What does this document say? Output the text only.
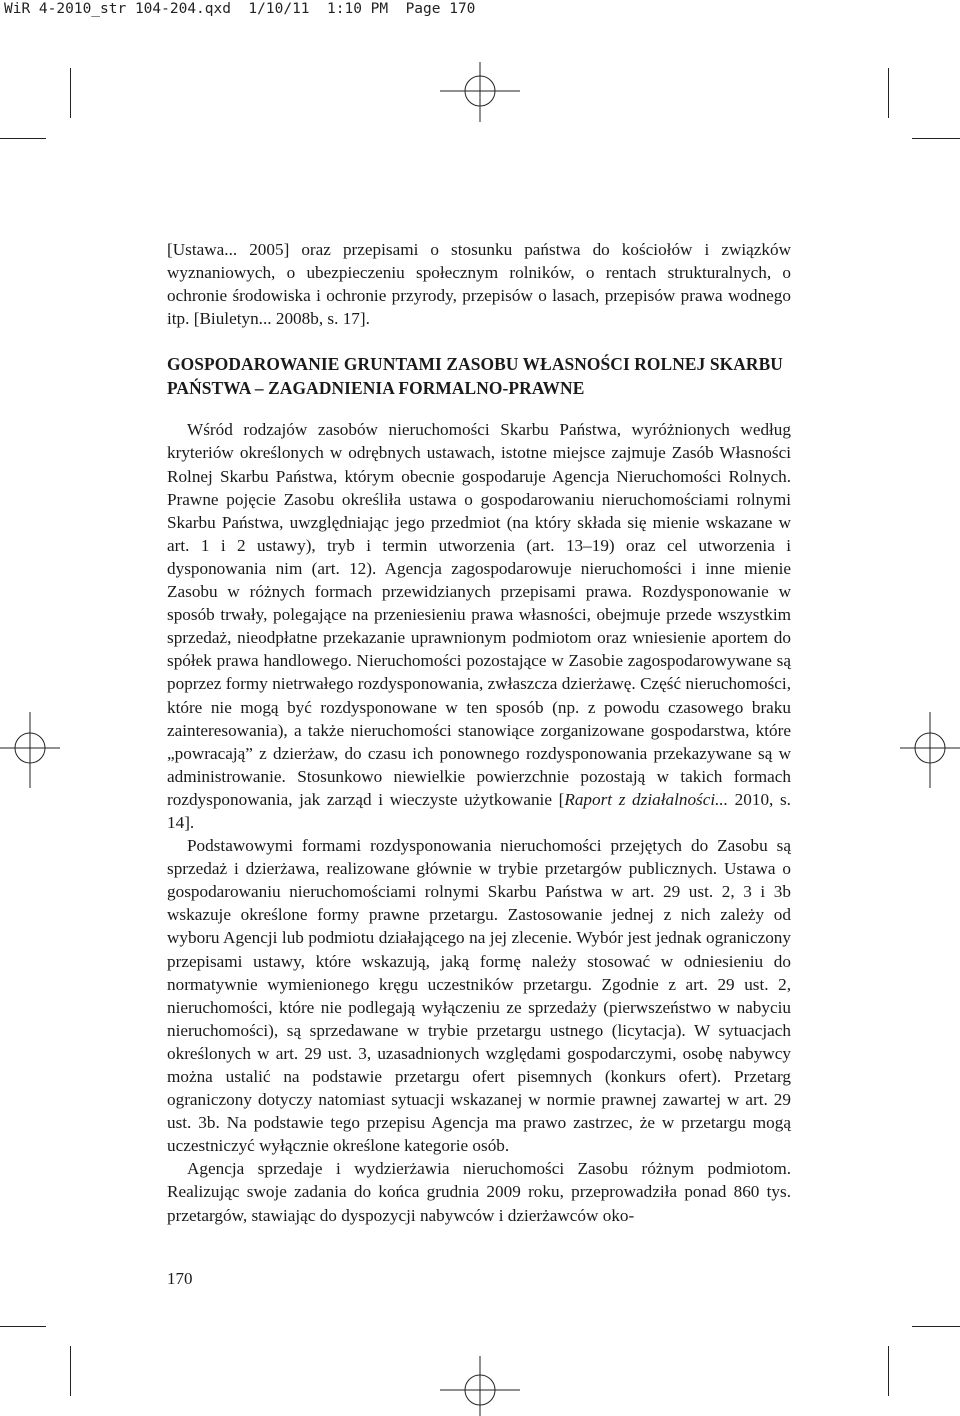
WiR 4-2010_str 104-204.qxd  1/10/11  1:10 PM  Page 170

[Ustawa... 2005] oraz przepisami o stosunku państwa do kościołów i związków wyznaniowych, o ubezpieczeniu społecznym rolników, o rentach strukturalnych, o ochronie środowiska i ochronie przyrody, przepisów o lasach, przepisów prawa wodnego itp. [Biuletyn... 2008b, s. 17].

GOSPODAROWANIE GRUNTAMI ZASOBU WŁASNOŚCI ROLNEJ SKARBU PAŃSTWA – ZAGADNIENIA FORMALNO-PRAWNE

Wśród rodzajów zasobów nieruchomości Skarbu Państwa, wyróżnionych według kryteriów określonych w odrębnych ustawach, istotne miejsce zajmuje Zasób Własności Rolnej Skarbu Państwa, którym obecnie gospodaruje Agencja Nieruchomości Rolnych. Prawne pojęcie Zasobu określiła ustawa o gospodarowaniu nieruchomościami rolnymi Skarbu Państwa, uwzględniając jego przedmiot (na który składa się mienie wskazane w art. 1 i 2 ustawy), tryb i termin utworzenia (art. 13–19) oraz cel utworzenia i dysponowania nim (art. 12). Agencja zagospodarowuje nieruchomości i inne mienie Zasobu w różnych formach przewidzianych przepisami prawa. Rozdysponowanie w sposób trwały, polegające na przeniesieniu prawa własności, obejmuje przede wszystkim sprzedaż, nieodpłatne przekazanie uprawnionym podmiotom oraz wniesienie aportem do spółek prawa handlowego. Nieruchomości pozostające w Zasobie zagospodarowywane są poprzez formy nietrwałego rozdysponowania, zwłaszcza dzierżawę. Część nieruchomości, które nie mogą być rozdysponowane w ten sposób (np. z powodu czasowego braku zainteresowania), a także nieruchomości stanowiące zorganizowane gospodarstwa, które „powracają” z dzierżaw, do czasu ich ponownego rozdysponowania przekazywane są w administrowanie. Stosunkowo niewielkie powierzchnie pozostają w takich formach rozdysponowania, jak zarząd i wieczyste użytkowanie [Raport z działalności... 2010, s. 14].

Podstawowymi formami rozdysponowania nieruchomości przejętych do Zasobu są sprzedaż i dzierżawa, realizowane głównie w trybie przetargów publicznych. Ustawa o gospodarowaniu nieruchomościami rolnymi Skarbu Państwa w art. 29 ust. 2, 3 i 3b wskazuje określone formy prawne przetargu. Zastosowanie jednej z nich zależy od wyboru Agencji lub podmiotu działającego na jej zlecenie. Wybór jest jednak ograniczony przepisami ustawy, które wskazują, jaką formę należy stosować w odniesieniu do normatywnie wymienionego kręgu uczestników przetargu. Zgodnie z art. 29 ust. 2, nieruchomości, które nie podlegają wyłączeniu ze sprzedaży (pierwszeństwo w nabyciu nieruchomości), są sprzedawane w trybie przetargu ustnego (licytacja). W sytuacjach określonych w art. 29 ust. 3, uzasadnionych względami gospodarczymi, osobę nabywcy można ustalić na podstawie przetargu ofert pisemnych (konkurs ofert). Przetarg ograniczony dotyczy natomiast sytuacji wskazanej w normie prawnej zawartej w art. 29 ust. 3b. Na podstawie tego przepisu Agencja ma prawo zastrzec, że w przetargu mogą uczestniczyć wyłącznie określone kategorie osób.

Agencja sprzedaje i wydzierżawia nieruchomości Zasobu różnym podmiotom. Realizując swoje zadania do końca grudnia 2009 roku, przeprowadziła ponad 860 tys. przetargów, stawiając do dyspozycji nabywców i dzierżawców oko-

170
